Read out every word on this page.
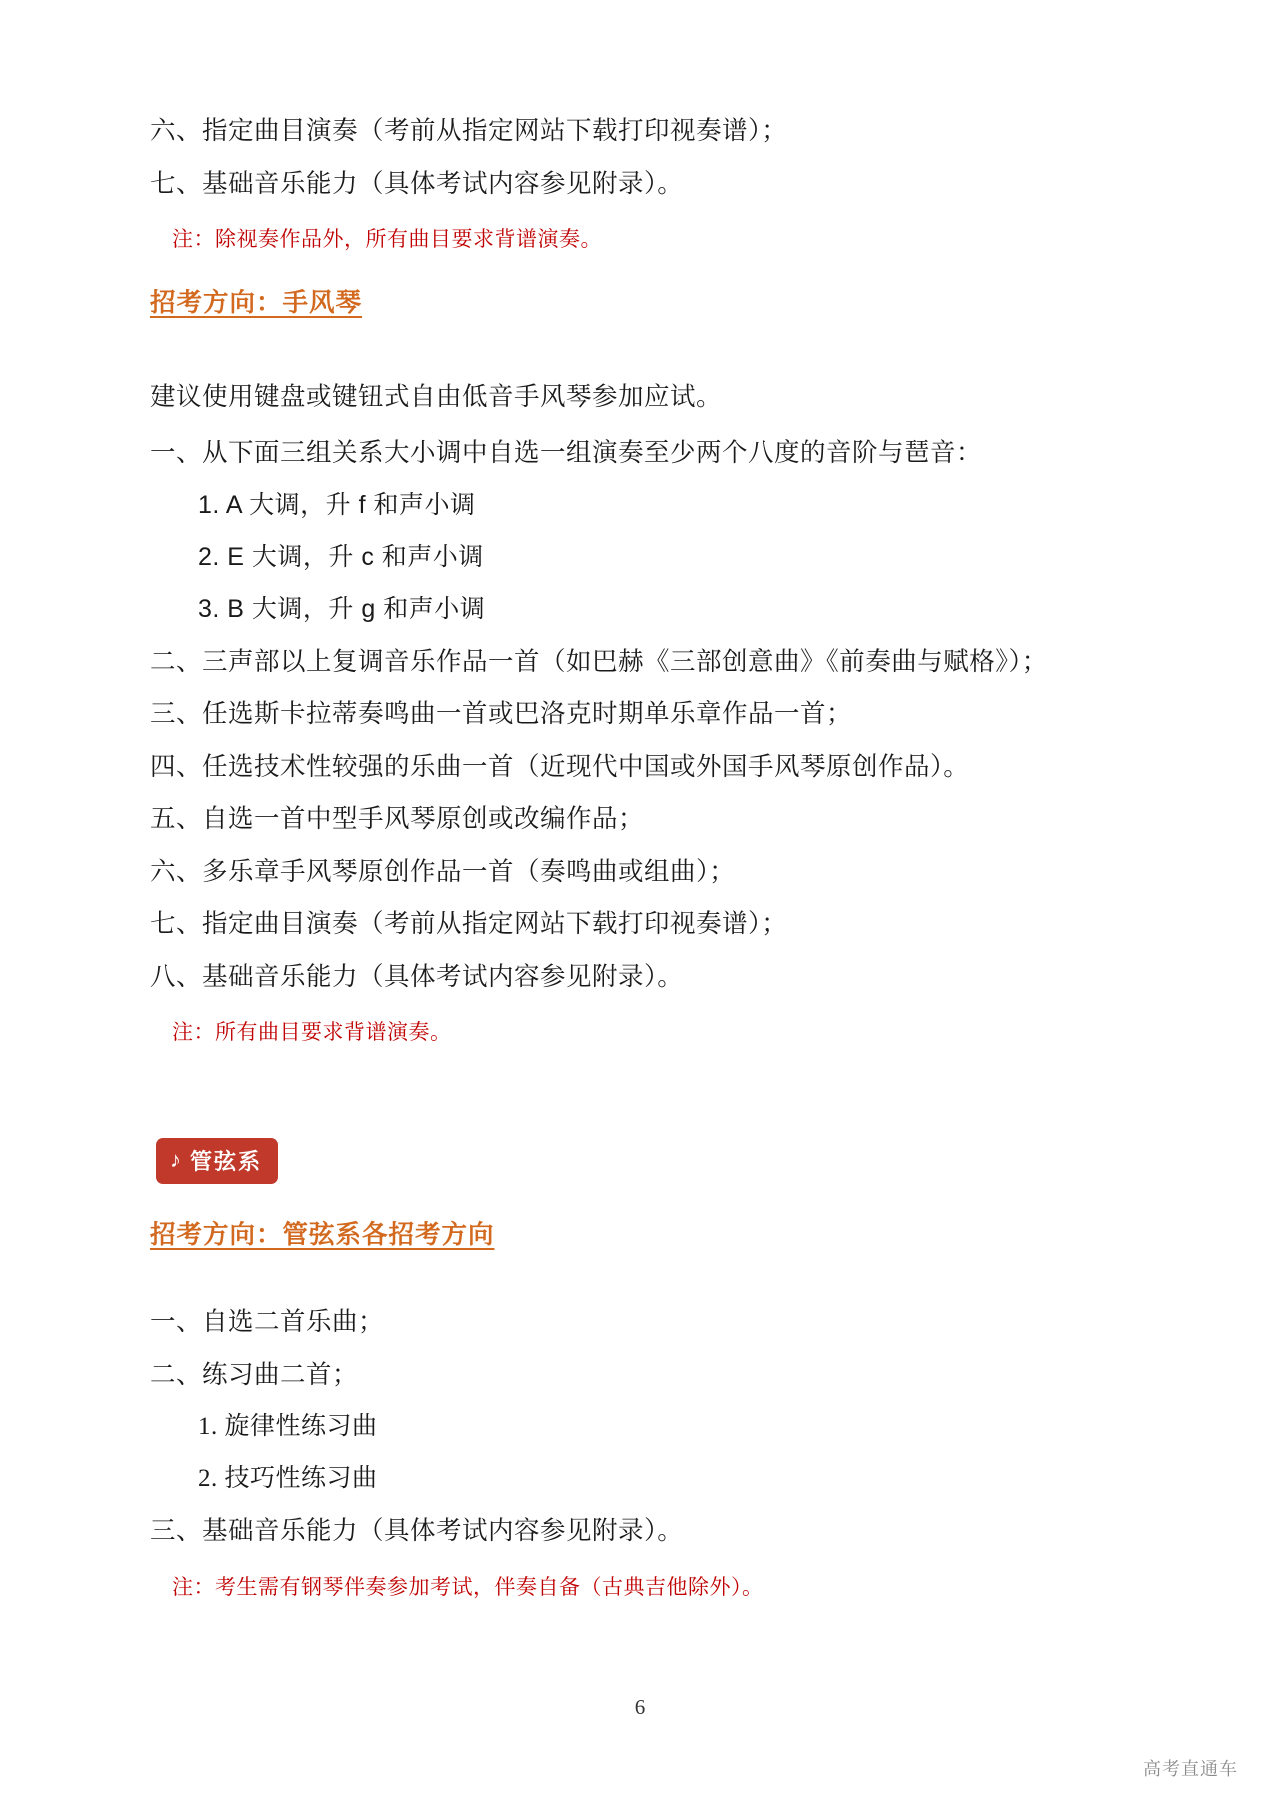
六、指定曲目演奏（考前从指定网站下载打印视奏谱）；

七、基础音乐能力（具体考试内容参见附录）。

注：除视奏作品外，所有曲目要求背谱演奏。

招考方向：手风琴

建议使用键盘或键钮式自由低音手风琴参加应试。

一、从下面三组关系大小调中自选一组演奏至少两个八度的音阶与琶音：

1. A 大调，升 f 和声小调

2. E 大调，升 c 和声小调

3. B 大调，升 g 和声小调

二、三声部以上复调音乐作品一首（如巴赫《三部创意曲》《前奏曲与赋格》）；

三、任选斯卡拉蒂奏鸣曲一首或巴洛克时期单乐章作品一首；

四、任选技术性较强的乐曲一首（近现代中国或外国手风琴原创作品）。

五、自选一首中型手风琴原创或改编作品；

六、多乐章手风琴原创作品一首（奏鸣曲或组曲）；

七、指定曲目演奏（考前从指定网站下载打印视奏谱）；

八、基础音乐能力（具体考试内容参见附录）。

注：所有曲目要求背谱演奏。

♪ 管弦系
招考方向：管弦系各招考方向

一、自选二首乐曲；

二、练习曲二首；

1. 旋律性练习曲

2. 技巧性练习曲

三、基础音乐能力（具体考试内容参见附录）。

注：考生需有钢琴伴奏参加考试，伴奏自备（古典吉他除外）。

6
高考直通车
